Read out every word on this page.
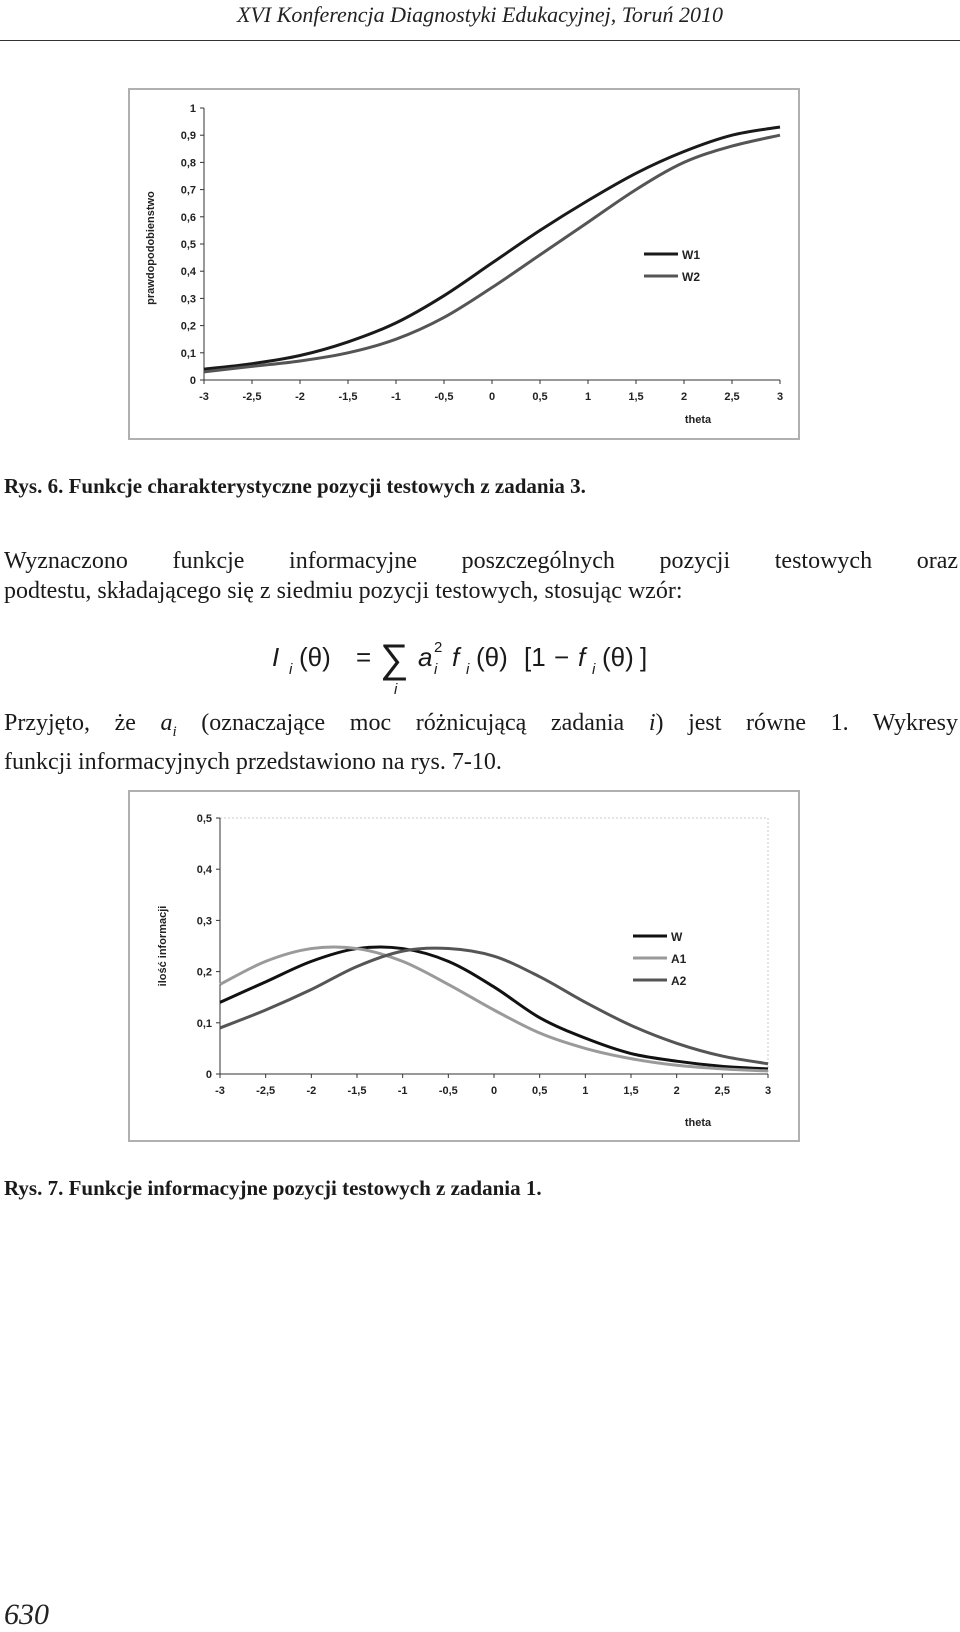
XVI Konferencja Diagnostyki Edukacyjnej, Toruń 2010
0
0,1
0,2
0,3
0,4
0,5
0,6
0,7
0,8
0,9
1
-3	-2,5	-2	-1,5	-1	-0,5	0	0,5	1	1,5	2	2,5	3
theta
prawdopodobienstwo	W1
W2
Rys. 6. Funkcje charakterystyczne pozycji testowych z zadania 3.
Wyznaczono funkcje informacyjne poszczególnych pozycji testowych oraz
podtestu, składającego się z siedmiu pozycji testowych, stosując wzór:
I i (θ) = ∑
i
a 2
i f i (θ) [1 − f i (θ) ]
Przyjęto, że $a_i$ (oznaczające moc różnicującą zadania i) jest równe 1. Wykresy
funkcji informacyjnych przedstawiono na rys. 7-10.
0
0,1
0,2
0,3
0,4
0,5
-3	-2,5	-2	-1,5	-1	-0,5	0	0,5	1	1,5	2	2,5	3
theta
ilość informacji	W
A1
A2
Rys. 7. Funkcje informacyjne pozycji testowych z zadania 1.
630
